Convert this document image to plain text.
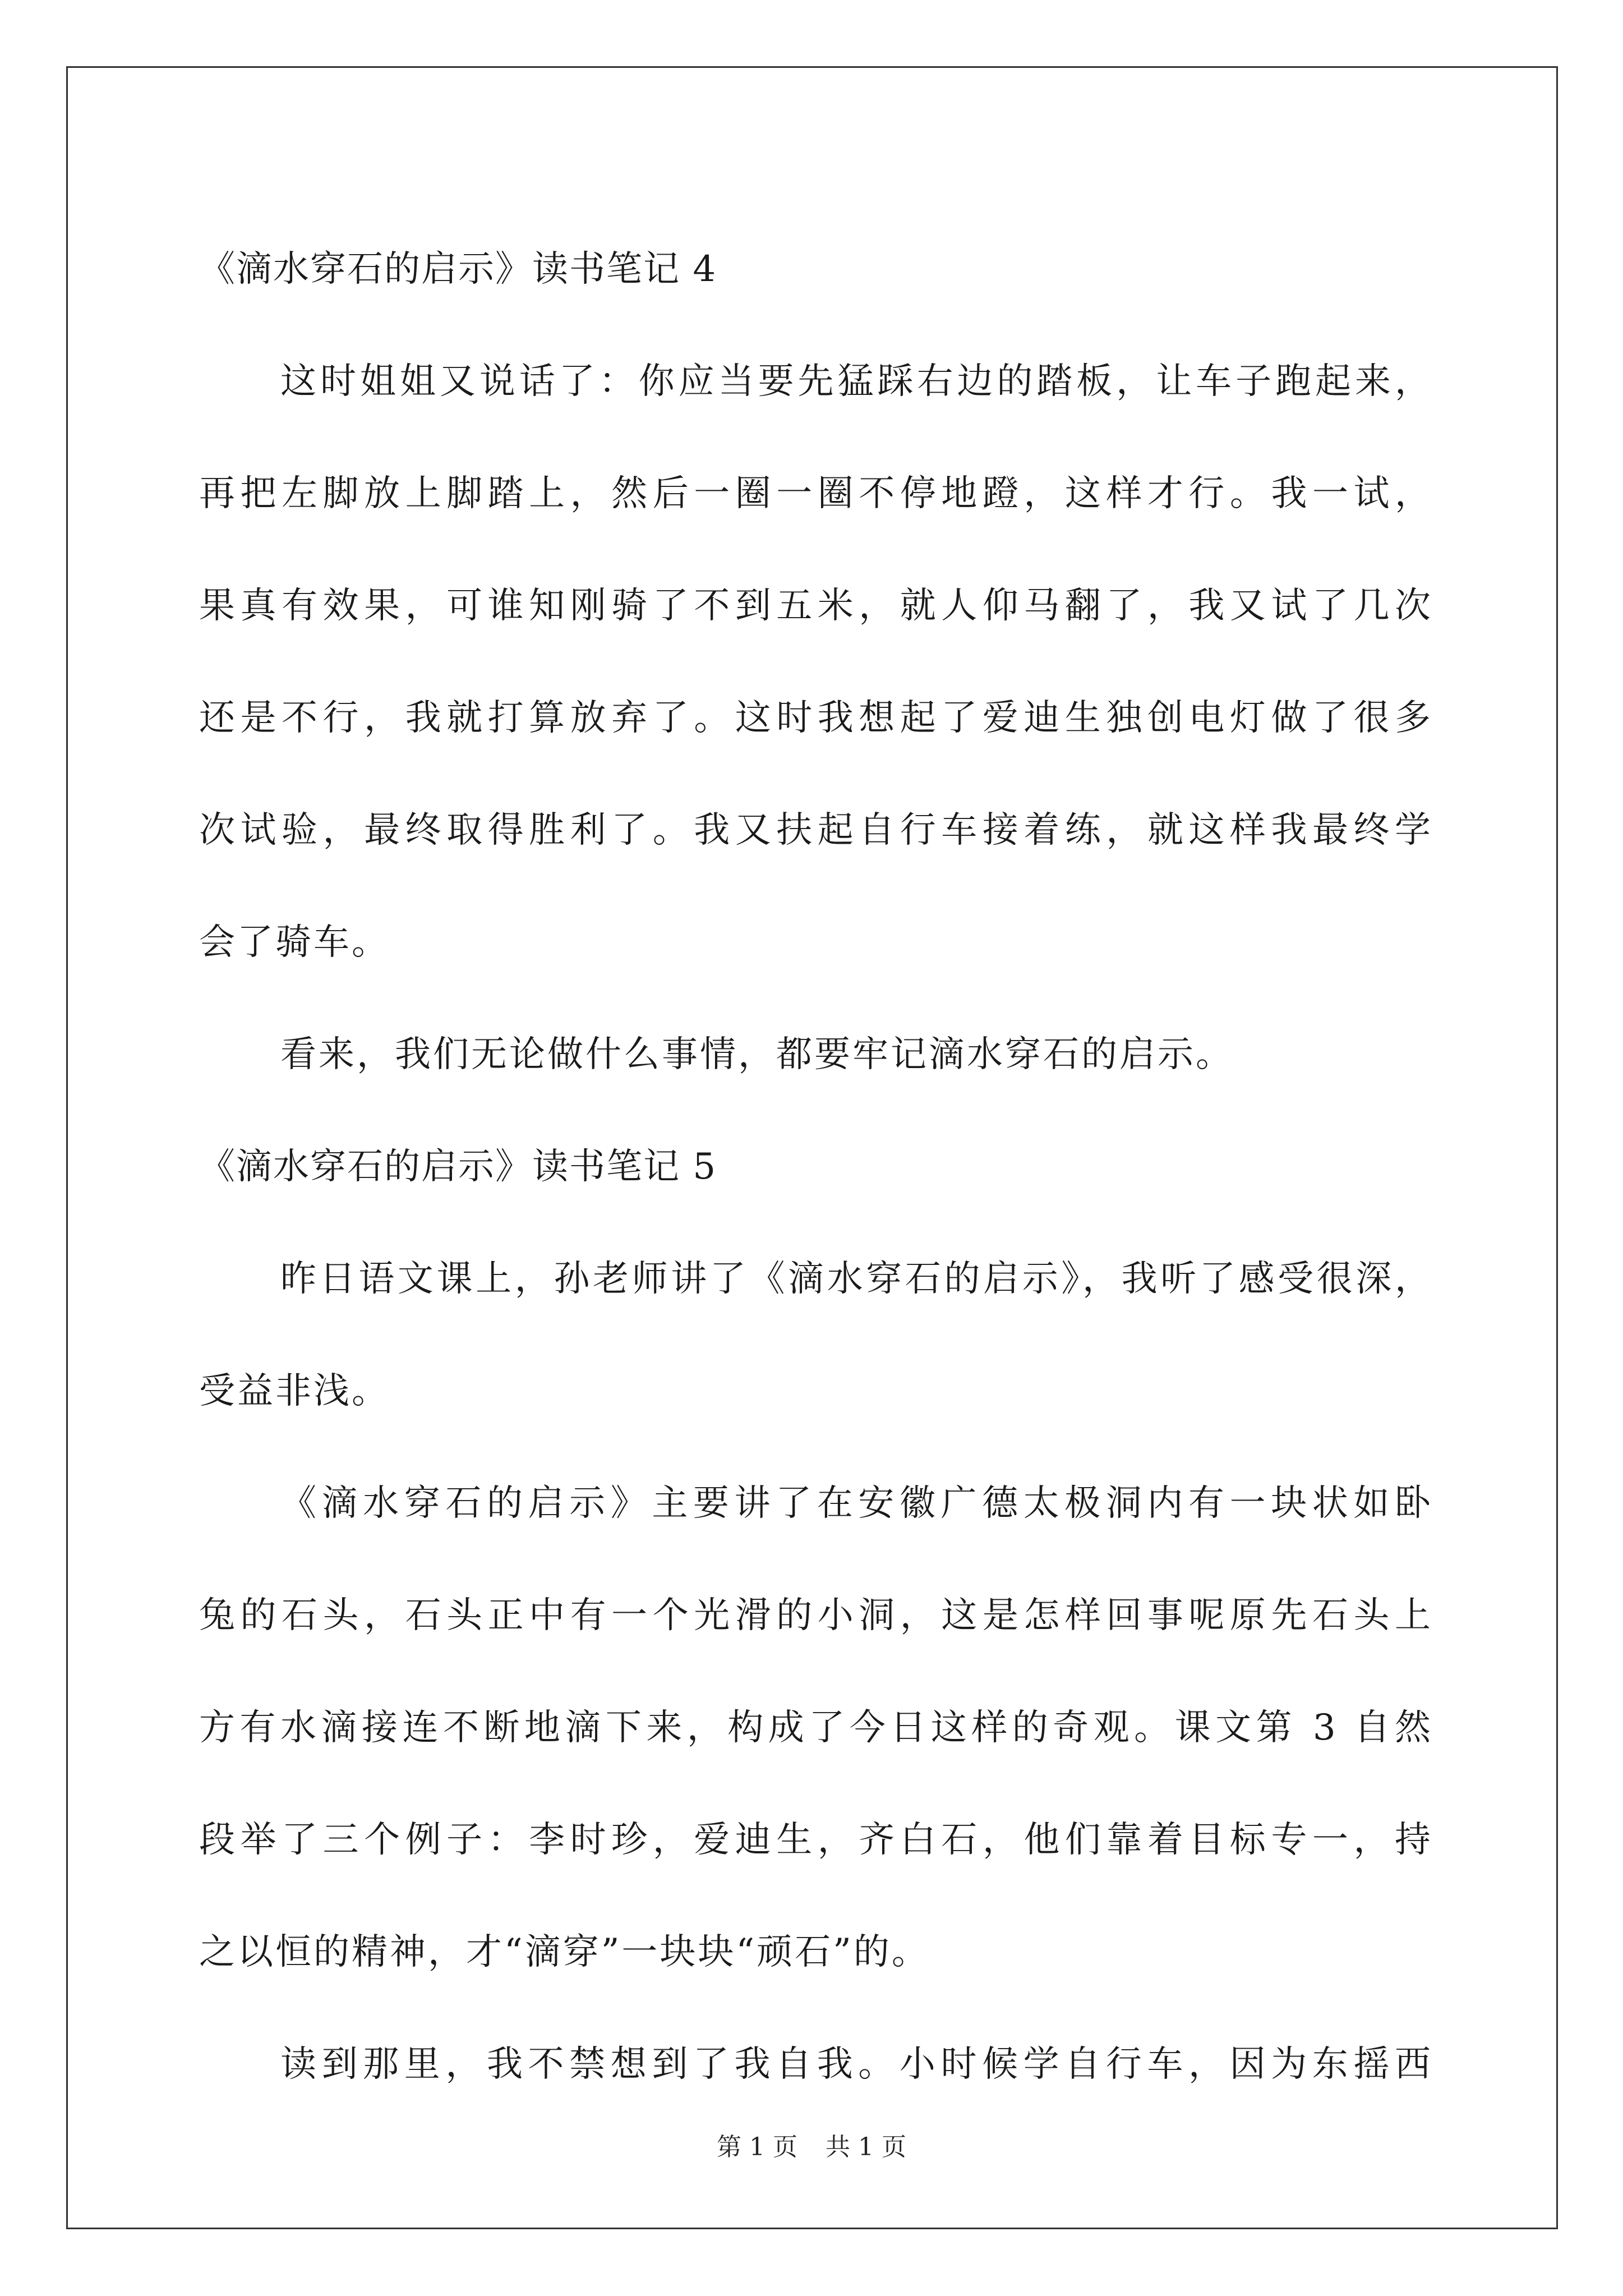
《滴水穿石的启示》读书笔记 4
这时姐姐又说话了：你应当要先猛踩右边的踏板，让车子跑起来，
再把左脚放上脚踏上，然后一圈一圈不停地蹬，这样才行。我一试，
果真有效果，可谁知刚骑了不到五米，就人仰马翻了，我又试了几次
还是不行，我就打算放弃了。这时我想起了爱迪生独创电灯做了很多
次试验，最终取得胜利了。我又扶起自行车接着练，就这样我最终学
会了骑车。
看来，我们无论做什么事情，都要牢记滴水穿石的启示。
《滴水穿石的启示》读书笔记 5
昨日语文课上，孙老师讲了《滴水穿石的启示》，我听了感受很深，
受益非浅。
《滴水穿石的启示》主要讲了在安徽广德太极洞内有一块状如卧
兔的石头，石头正中有一个光滑的小洞，这是怎样回事呢原先石头上
方有水滴接连不断地滴下来，构成了今日这样的奇观。课文第 3 自然
段举了三个例子：李时珍，爱迪生，齐白石，他们靠着目标专一，持
之以恒的精神，才“滴穿”一块块“顽石”的。
读到那里，我不禁想到了我自我。小时候学自行车，因为东摇西
第 1 页 共 1 页
